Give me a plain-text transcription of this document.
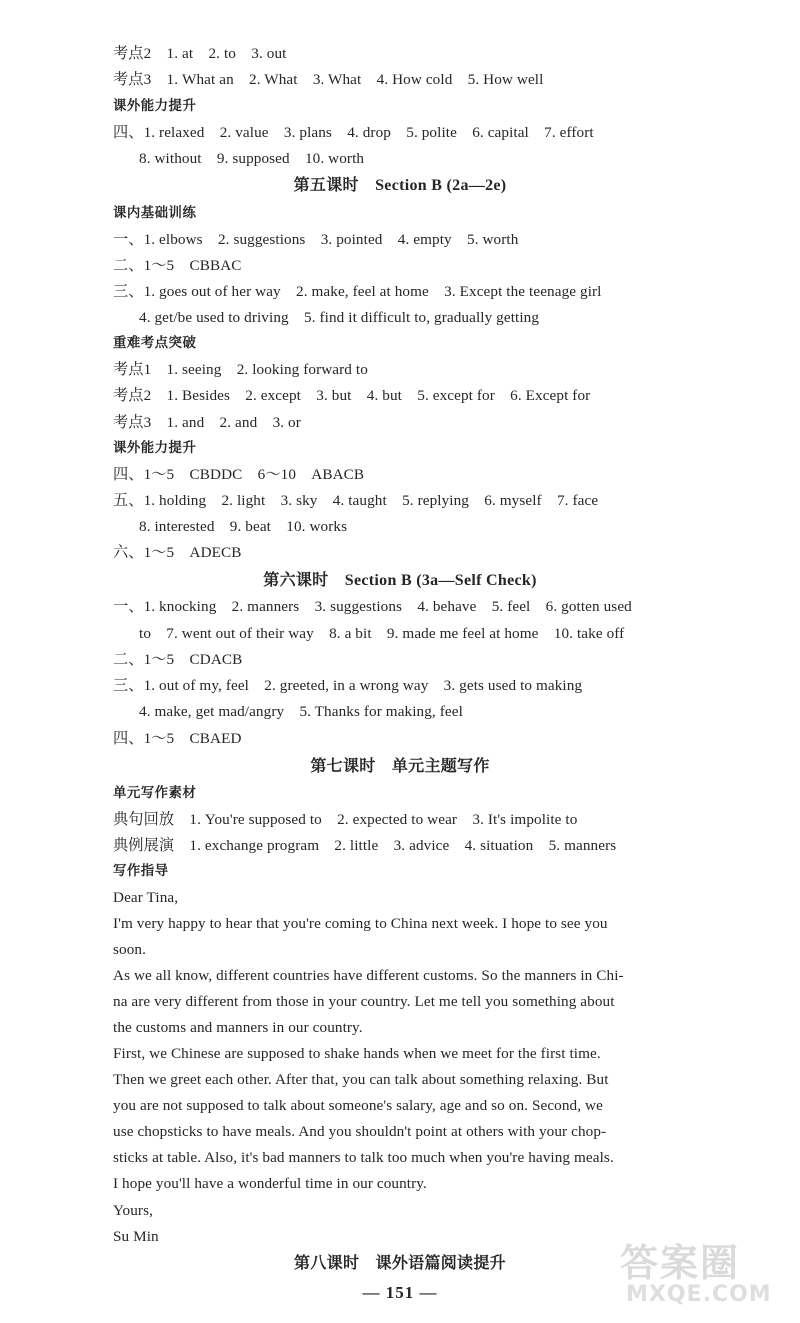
考点2　1. at　2. to　3. out
考点3　1. What an　2. What　3. What　4. How cold　5. How well
课外能力提升
四、1. relaxed　2. value　3. plans　4. drop　5. polite　6. capital　7. effort
8. without　9. supposed　10. worth
第五课时　Section B (2a—2e)
课内基础训练
一、1. elbows　2. suggestions　3. pointed　4. empty　5. worth
二、1～5　CBBAC
三、1. goes out of her way　2. make, feel at home　3. Except the teenage girl
4. get/be used to driving　5. find it difficult to, gradually getting
重难考点突破
考点1　1. seeing　2. looking forward to
考点2　1. Besides　2. except　3. but　4. but　5. except for　6. Except for
考点3　1. and　2. and　3. or
课外能力提升
四、1～5　CBDDC　6～10　ABACB
五、1. holding　2. light　3. sky　4. taught　5. replying　6. myself　7. face
8. interested　9. beat　10. works
六、1～5　ADECB
第六课时　Section B (3a—Self Check)
一、1. knocking　2. manners　3. suggestions　4. behave　5. feel　6. gotten used
to　7. went out of their way　8. a bit　9. made me feel at home　10. take off
二、1～5　CDACB
三、1. out of my, feel　2. greeted, in a wrong way　3. gets used to making
4. make, get mad/angry　5. Thanks for making, feel
四、1～5　CBAED
第七课时　单元主题写作
单元写作素材
典句回放　1. You're supposed to　2. expected to wear　3. It's impolite to
典例展演　1. exchange program　2. little　3. advice　4. situation　5. manners
写作指导
Dear Tina,
I'm very happy to hear that you're coming to China next week. I hope to see you
soon.
As we all know, different countries have different customs. So the manners in Chi-
na are very different from those in your country. Let me tell you something about
the customs and manners in our country.
First, we Chinese are supposed to shake hands when we meet for the first time.
Then we greet each other. After that, you can talk about something relaxing. But
you are not supposed to talk about someone's salary, age and so on. Second, we
use chopsticks to have meals. And you shouldn't point at others with your chop-
sticks at table. Also, it's bad manners to talk too much when you're having meals.
I hope you'll have a wonderful time in our country.
Yours,
Su Min
第八课时　课外语篇阅读提升
— 151 —
答案圈
MXQE.COM
